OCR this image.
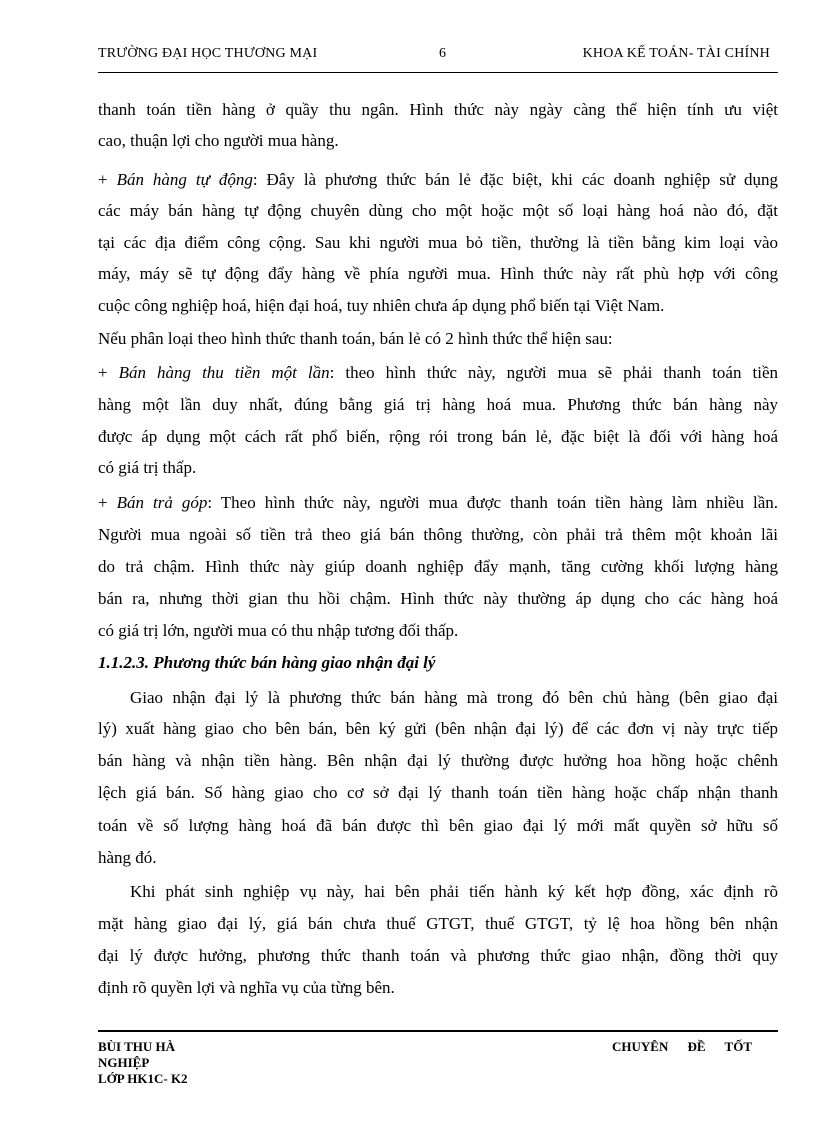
TRƯỜNG ĐẠI HỌC THƯƠNG MẠI	6	KHOA KẾ TOÁN- TÀI CHÍNH
thanh toán tiền hàng ở quầy thu ngân. Hình thức này ngày càng thể hiện tính ưu việt
cao, thuận lợi cho người mua hàng.
+ Bán hàng tự động: Đây là phương thức bán lẻ đặc biệt, khi các doanh nghiệp sử dụng
các máy bán hàng tự động chuyên dùng cho một hoặc một số loại hàng hoá nào đó, đặt
tại các địa điểm công cộng. Sau khi người mua bỏ tiền, thường là tiền bằng kim loại vào
máy, máy sẽ tự động đẩy hàng về phía người mua. Hình thức này rất phù hợp với công
cuộc công nghiệp hoá, hiện đại hoá, tuy nhiên chưa áp dụng phổ biến tại Việt Nam.
Nếu phân loại theo hình thức thanh toán, bán lẻ có 2 hình thức thể hiện sau:
+ Bán hàng thu tiền một lần: theo hình thức này, người mua sẽ phải thanh toán tiền
hàng một lần duy nhất, đúng bằng giá trị hàng hoá mua. Phương thức bán hàng này
được áp dụng một cách rất phổ biến, rộng rói trong bán lẻ, đặc biệt là đối với hàng hoá
có giá trị thấp.
+ Bán trả góp: Theo hình thức này, người mua được thanh toán tiền hàng làm nhiều lần.
Người mua ngoài số tiền trả theo giá bán thông thường, còn phải trả thêm một khoản lãi
do trả chậm. Hình thức này giúp doanh nghiệp đẩy mạnh, tăng cường khối lượng hàng
bán ra, nhưng thời gian thu hồi chậm. Hình thức này thường áp dụng cho các hàng hoá
có giá trị lớn, người mua có thu nhập tương đối thấp.
1.1.2.3. Phương thức bán hàng giao nhận đại lý
Giao nhận đại lý là phương thức bán hàng mà trong đó bên chủ hàng (bên giao đại
lý) xuất hàng giao cho bên bán, bên ký gửi (bên nhận đại lý) để các đơn vị này trực tiếp
bán hàng và nhận tiền hàng. Bên nhận đại lý thường được hưởng hoa hồng hoặc chênh
lệch giá bán. Số hàng giao cho cơ sở đại lý thanh toán tiền hàng hoặc chấp nhận thanh
toán về số lượng hàng hoá đã bán được thì bên giao đại lý mới mất quyền sở hữu số
hàng đó.
Khi phát sinh nghiệp vụ này, hai bên phải tiến hành ký kết hợp đồng, xác định rõ
mặt hàng giao đại lý, giá bán chưa thuế GTGT, thuế GTGT, tỷ lệ hoa hồng bên nhận
đại lý được hưởng, phương thức thanh toán và phương thức giao nhận, đồng thời quy
định rõ quyền lợi và nghĩa vụ của từng bên.
BÙI THU HÀ
NGHIỆP
LỚP HK1C- K2
CHUYÊN ĐỀ TỐT
